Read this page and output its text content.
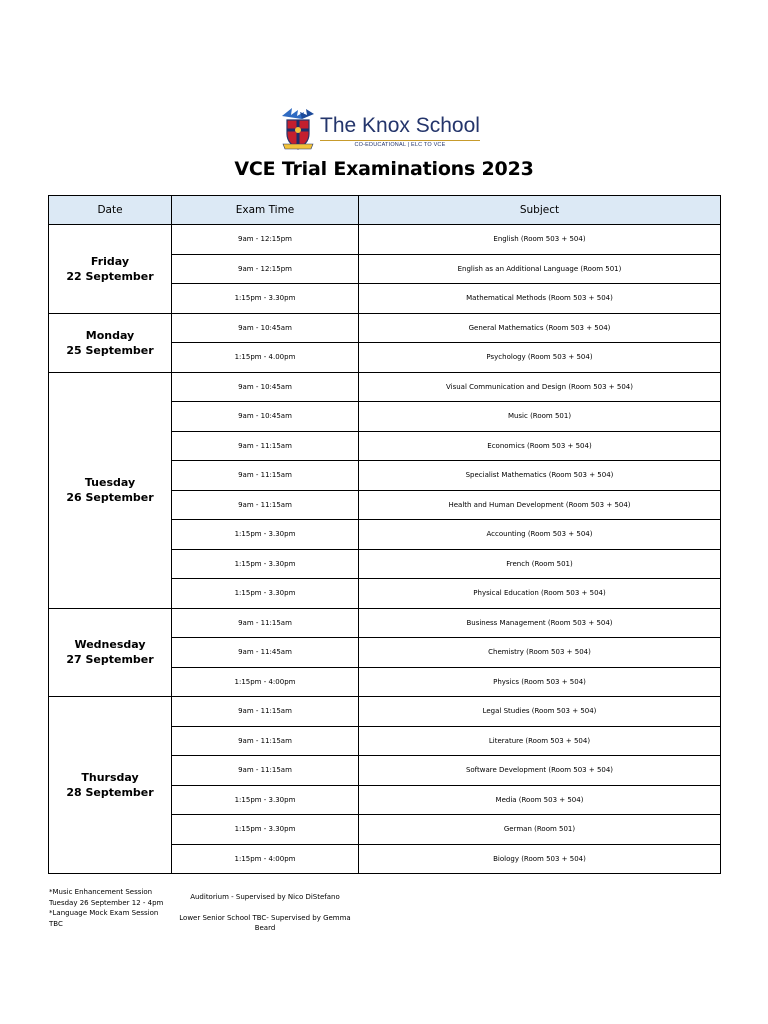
The Knox School
CO-EDUCATIONAL | ELC TO VCE
VCE Trial Examinations 2023
Date	Exam Time	Subject

Friday
22 September	9am - 12:15pm	English (Room 503 + 504)
	9am - 12:15pm	English as an Additional Language (Room 501)
	1:15pm - 3.30pm	Mathematical Methods (Room 503 + 504)

Monday
25 September	9am - 10:45am	General Mathematics (Room 503 + 504)
	1:15pm - 4.00pm	Psychology (Room 503 + 504)

Tuesday
26 September	9am - 10:45am	Visual Communication and Design (Room 503 + 504)
	9am - 10:45am	Music (Room 501)
	9am - 11:15am	Economics (Room 503 + 504)
	9am - 11:15am	Specialist Mathematics (Room 503 + 504)
	9am - 11:15am	Health and Human Development (Room 503 + 504)
	1:15pm - 3.30pm	Accounting (Room 503 + 504)
	1:15pm - 3.30pm	French (Room 501)
	1:15pm - 3.30pm	Physical Education (Room 503 + 504)

Wednesday
27 September	9am - 11:15am	Business Management (Room 503 + 504)
	9am - 11:45am	Chemistry (Room 503 + 504)
	1:15pm - 4:00pm	Physics (Room 503 + 504)

Thursday
28 September	9am - 11:15am	Legal Studies (Room 503 + 504)
	9am - 11:15am	Literature (Room 503 + 504)
	9am - 11:15am	Software Development (Room 503 + 504)
	1:15pm - 3.30pm	Media (Room 503 + 504)
	1:15pm - 3.30pm	German (Room 501)
	1:15pm - 4:00pm	Biology (Room 503 + 504)
*Music Enhancement Session
Tuesday 26 September 12 - 4pm
*Language Mock Exam Session
TBC
Auditorium - Supervised by Nico DiStefano
Lower Senior School TBC- Supervised by Gemma Beard
